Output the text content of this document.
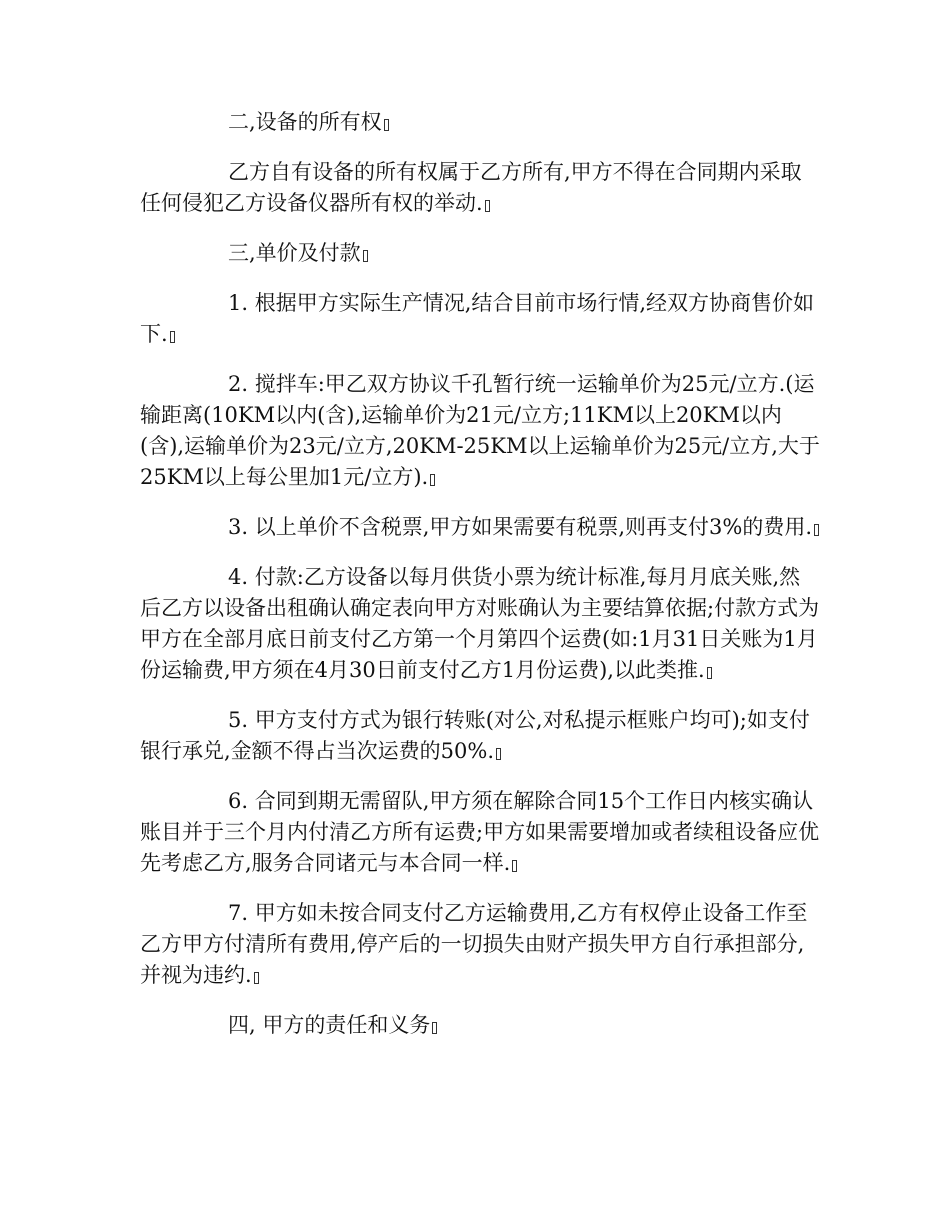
二,设备的所有权

乙方自有设备的所有权属于乙方所有,甲方不得在合同期内采取任何侵犯乙方设备仪器所有权的举动.

三,单价及付款

1. 根据甲方实际生产情况,结合目前市场行情,经双方协商售价如下.

2. 搅拌车:甲乙双方协议千孔暂行统一运输单价为25元/立方.(运输距离(10KM以内(含),运输单价为21元/立方;11KM以上20KM以内(含),运输单价为23元/立方,20KM-25KM以上运输单价为25元/立方,大于25KM以上每公里加1元/立方).

3. 以上单价不含税票,甲方如果需要有税票,则再支付3%的费用.

4. 付款:乙方设备以每月供货小票为统计标准,每月月底关账,然后乙方以设备出租确认确定表向甲方对账确认为主要结算依据;付款方式为甲方在全部月底日前支付乙方第一个月第四个运费(如:1月31日关账为1月份运输费,甲方须在4月30日前支付乙方1月份运费),以此类推.

5. 甲方支付方式为银行转账(对公,对私提示框账户均可);如支付银行承兑,金额不得占当次运费的50%.

6. 合同到期无需留队,甲方须在解除合同15个工作日内核实确认账目并于三个月内付清乙方所有运费;甲方如果需要增加或者续租设备应优先考虑乙方,服务合同诸元与本合同一样.

7. 甲方如未按合同支付乙方运输费用,乙方有权停止设备工作至乙方甲方付清所有费用,停产后的一切损失由财产损失甲方自行承担部分,并视为违约.

四, 甲方的责任和义务
